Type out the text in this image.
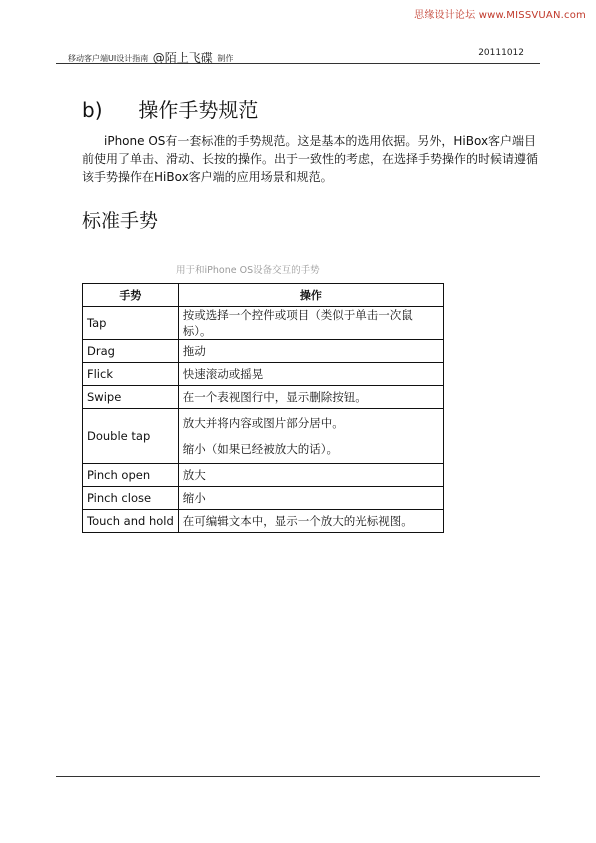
思缘设计论坛 www.MISSVUAN.com
移动客户端UI设计指南 @陌上飞碟 制作
20111012
b) 操作手势规范
iPhone OS有一套标准的手势规范。这是基本的选用依据。另外，HiBox客户端目前使用了单击、滑动、长按的操作。出于一致性的考虑，在选择手势操作的时候请遵循该手势操作在HiBox客户端的应用场景和规范。
标准手势
用于和iPhone OS设备交互的手势
手势	操作
Tap	按或选择一个控件或项目（类似于单击一次鼠标）。
Drag	拖动
Flick	快速滚动或摇晃
Swipe	在一个表视图行中，显示删除按钮。
Double tap	放大并将内容或图片部分居中。
缩小（如果已经被放大的话）。

Pinch open	放大
Pinch close	缩小
Touch and hold	在可编辑文本中，显示一个放大的光标视图。
